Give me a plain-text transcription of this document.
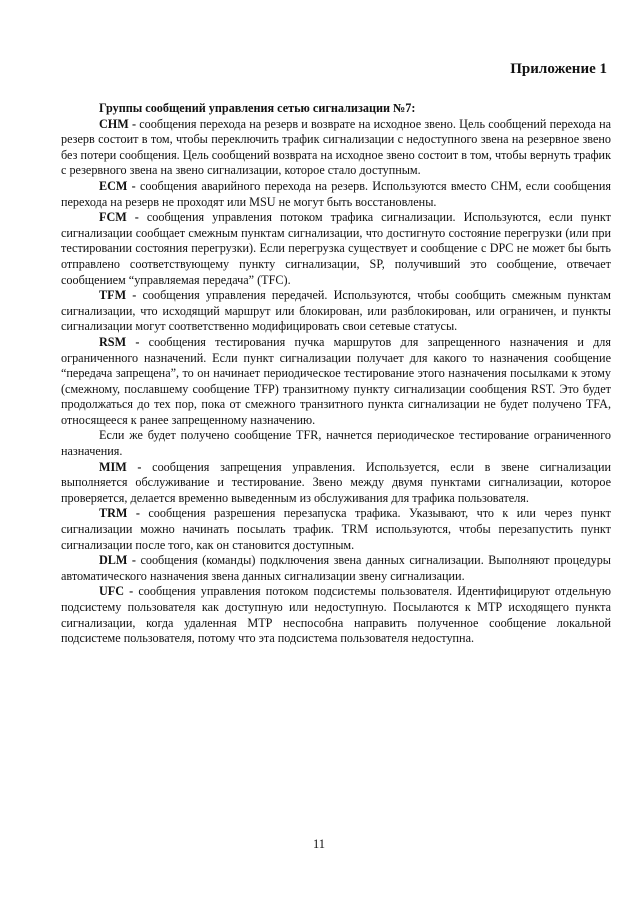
Приложение 1

Группы сообщений управления сетью сигнализации №7:

CHM - сообщения перехода на резерв и возврате на исходное звено. Цель сообщений перехода на резерв состоит в том, чтобы переключить трафик сигнализации с недоступного звена на резервное звено без потери сообщения. Цель сообщений возврата на исходное звено состоит в том, чтобы вернуть трафик с резервного звена на звено сигнализации, которое стало доступным.

ECM - сообщения аварийного перехода на резерв. Используются вместо CHM, если сообщения перехода на резерв не проходят или MSU не могут быть восстановлены.

FCM - сообщения управления потоком трафика сигнализации. Используются, если пункт сигнализации сообщает смежным пунктам сигнализации, что достигнуто состояние перегрузки (или при тестировании состояния перегрузки). Если перегрузка существует и сообщение с DPC не может бы быть отправлено соответствующему пункту сигнализации, SP, получивший это сообщение, отвечает сообщением “управляемая передача” (TFC).

TFM - сообщения управления передачей. Используются, чтобы сообщить смежным пунктам сигнализации, что исходящий маршрут или блокирован, или разблокирован, или ограничен, и пункты сигнализации могут соответственно модифицировать свои сетевые статусы.

RSM - сообщения тестирования пучка маршрутов для запрещенного назначения и для ограниченного назначений. Если пункт сигнализации получает для какого то назначения сообщение “передача запрещена”, то он начинает периодическое тестирование этого назначения посылками к этому (смежному, пославшему сообщение TFP) транзитному пункту сигнализации сообщения RST. Это будет продолжаться до тех пор, пока от смежного транзитного пункта сигнализации не будет получено TFA, относящееся к ранее запрещенному назначению.

Если же будет получено сообщение TFR, начнется периодическое тестирование ограниченного назначения.

MIM - сообщения запрещения управления. Используется, если в звене сигнализации выполняется обслуживание и тестирование. Звено между двумя пунктами сигнализации, которое проверяется, делается временно выведенным из обслуживания для трафика пользователя.

TRM - сообщения разрешения перезапуска трафика. Указывают, что к или через пункт сигнализации можно начинать посылать трафик. TRM используются, чтобы перезапустить пункт сигнализации после того, как он становится доступным.

DLM - сообщения (команды) подключения звена данных сигнализации. Выполняют процедуры автоматического назначения звена данных сигнализации звену сигнализации.

UFC - сообщения управления потоком подсистемы пользователя. Идентифицируют отдельную подсистему пользователя как доступную или недоступную. Посылаются к МТР исходящего пункта сигнализации, когда удаленная МТР неспособна направить полученное сообщение локальной подсистеме пользователя, потому что эта подсистема пользователя недоступна.

11
